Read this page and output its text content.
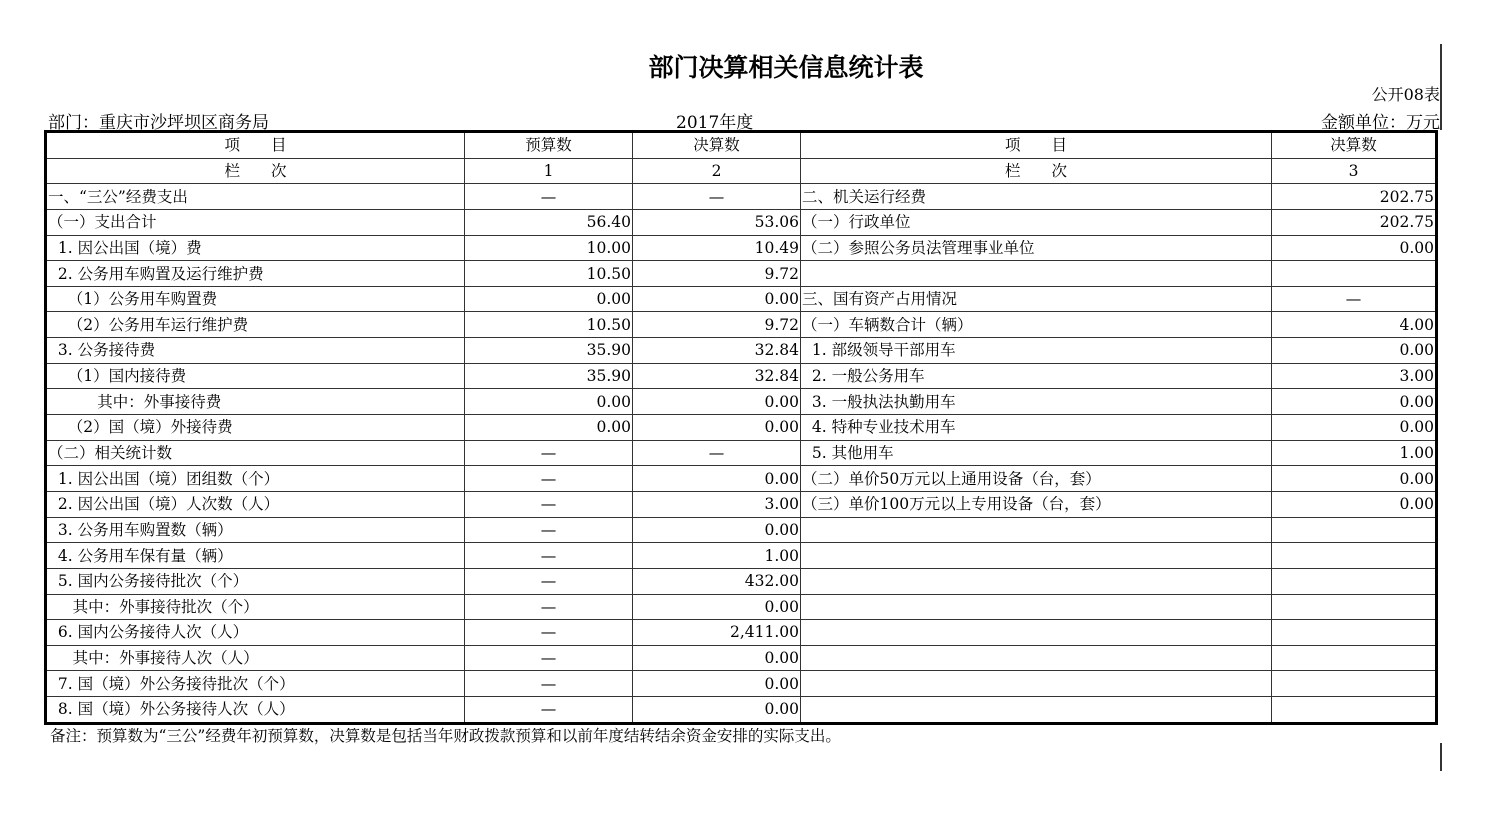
部门决算相关信息统计表
公开08表
部门：重庆市沙坪坝区商务局	2017年度	金额单位：万元
项　　目	预算数	决算数	项　　目	决算数
栏　　次	1	2	栏　　次	3
一、“三公”经费支出	—	—	二、机关运行经费	202.75
（一）支出合计	56.40	53.06	（一）行政单位	202.75
1. 因公出国（境）费	10.00	10.49	（二）参照公务员法管理事业单位	0.00
2. 公务用车购置及运行维护费	10.50	9.72		
（1）公务用车购置费	0.00	0.00	三、国有资产占用情况	—
（2）公务用车运行维护费	10.50	9.72	（一）车辆数合计（辆）	4.00
3. 公务接待费	35.90	32.84	1. 部级领导干部用车	0.00
（1）国内接待费	35.90	32.84	2. 一般公务用车	3.00
其中：外事接待费	0.00	0.00	3. 一般执法执勤用车	0.00
（2）国（境）外接待费	0.00	0.00	4. 特种专业技术用车	0.00
（二）相关统计数	—	—	5. 其他用车	1.00
1. 因公出国（境）团组数（个）	—	0.00	（二）单价50万元以上通用设备（台，套）	0.00
2. 因公出国（境）人次数（人）	—	3.00	（三）单价100万元以上专用设备（台，套）	0.00
3. 公务用车购置数（辆）	—	0.00		
4. 公务用车保有量（辆）	—	1.00		
5. 国内公务接待批次（个）	—	432.00		
其中：外事接待批次（个）	—	0.00		
6. 国内公务接待人次（人）	—	2,411.00		
其中：外事接待人次（人）	—	0.00		
7. 国（境）外公务接待批次（个）	—	0.00		
8. 国（境）外公务接待人次（人）	—	0.00		
备注：预算数为“三公”经费年初预算数，决算数是包括当年财政拨款预算和以前年度结转结余资金安排的实际支出。
